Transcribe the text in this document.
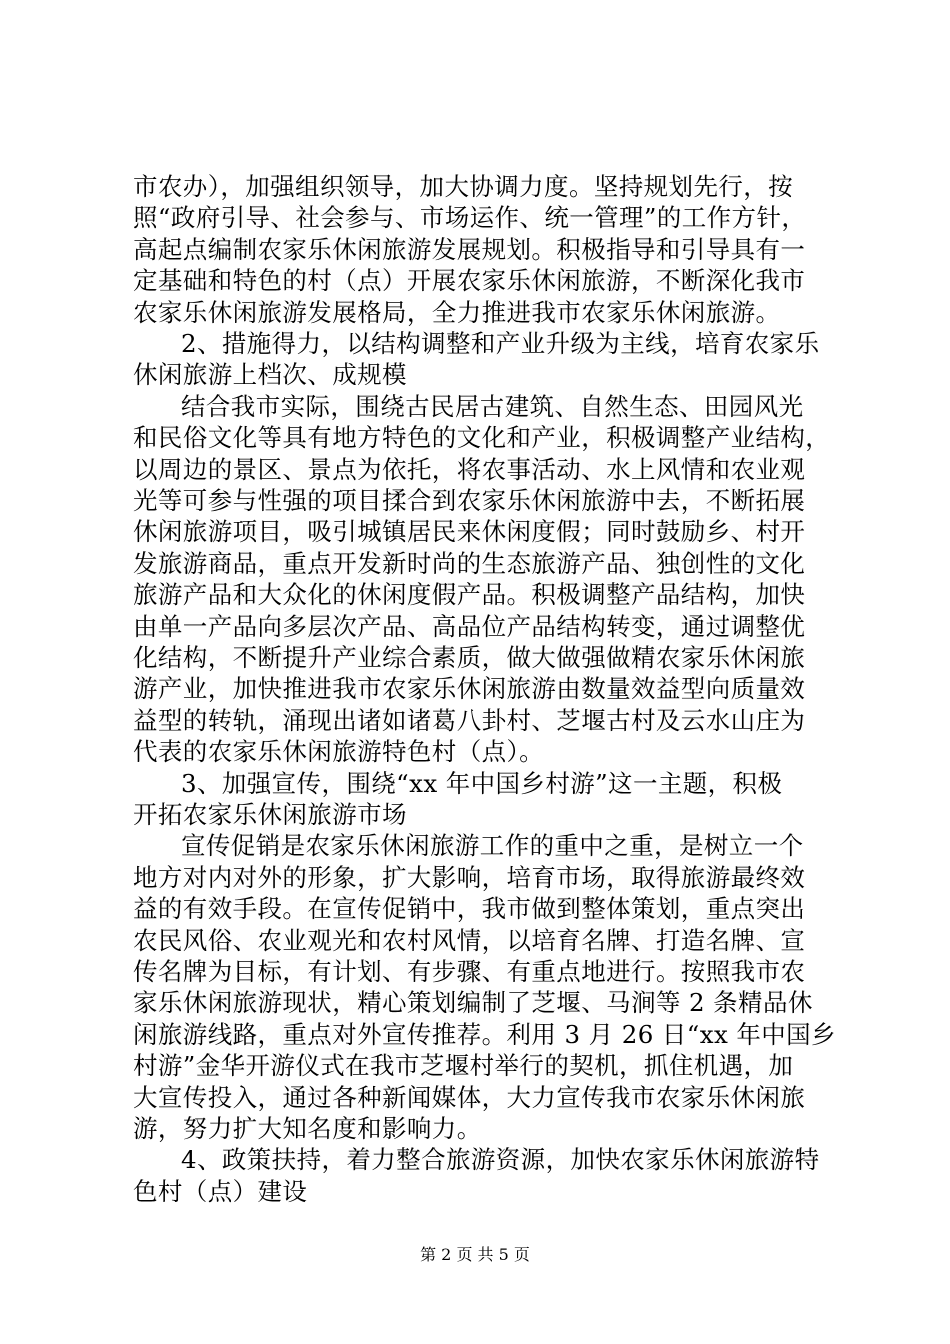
市农办），加强组织领导，加大协调力度。坚持规划先行，按
照“政府引导、社会参与、市场运作、统一管理”的工作方针，
高起点编制农家乐休闲旅游发展规划。积极指导和引导具有一
定基础和特色的村（点）开展农家乐休闲旅游，不断深化我市
农家乐休闲旅游发展格局，全力推进我市农家乐休闲旅游。
2、措施得力，以结构调整和产业升级为主线，培育农家乐
休闲旅游上档次、成规模
结合我市实际，围绕古民居古建筑、自然生态、田园风光
和民俗文化等具有地方特色的文化和产业，积极调整产业结构，
以周边的景区、景点为依托，将农事活动、水上风情和农业观
光等可参与性强的项目揉合到农家乐休闲旅游中去，不断拓展
休闲旅游项目，吸引城镇居民来休闲度假；同时鼓励乡、村开
发旅游商品，重点开发新时尚的生态旅游产品、独创性的文化
旅游产品和大众化的休闲度假产品。积极调整产品结构，加快
由单一产品向多层次产品、高品位产品结构转变，通过调整优
化结构，不断提升产业综合素质，做大做强做精农家乐休闲旅
游产业，加快推进我市农家乐休闲旅游由数量效益型向质量效
益型的转轨，涌现出诸如诸葛八卦村、芝堰古村及云水山庄为
代表的农家乐休闲旅游特色村（点）。
3、加强宣传，围绕“xx 年中国乡村游”这一主题，积极
开拓农家乐休闲旅游市场
宣传促销是农家乐休闲旅游工作的重中之重，是树立一个
地方对内对外的形象，扩大影响，培育市场，取得旅游最终效
益的有效手段。在宣传促销中，我市做到整体策划，重点突出
农民风俗、农业观光和农村风情，以培育名牌、打造名牌、宣
传名牌为目标，有计划、有步骤、有重点地进行。按照我市农
家乐休闲旅游现状，精心策划编制了芝堰、马涧等 2 条精品休
闲旅游线路，重点对外宣传推荐。利用 3 月 26 日“xx 年中国乡
村游”金华开游仪式在我市芝堰村举行的契机，抓住机遇，加
大宣传投入，通过各种新闻媒体，大力宣传我市农家乐休闲旅
游，努力扩大知名度和影响力。
4、政策扶持，着力整合旅游资源，加快农家乐休闲旅游特
色村（点）建设
第 2 页 共 5 页
